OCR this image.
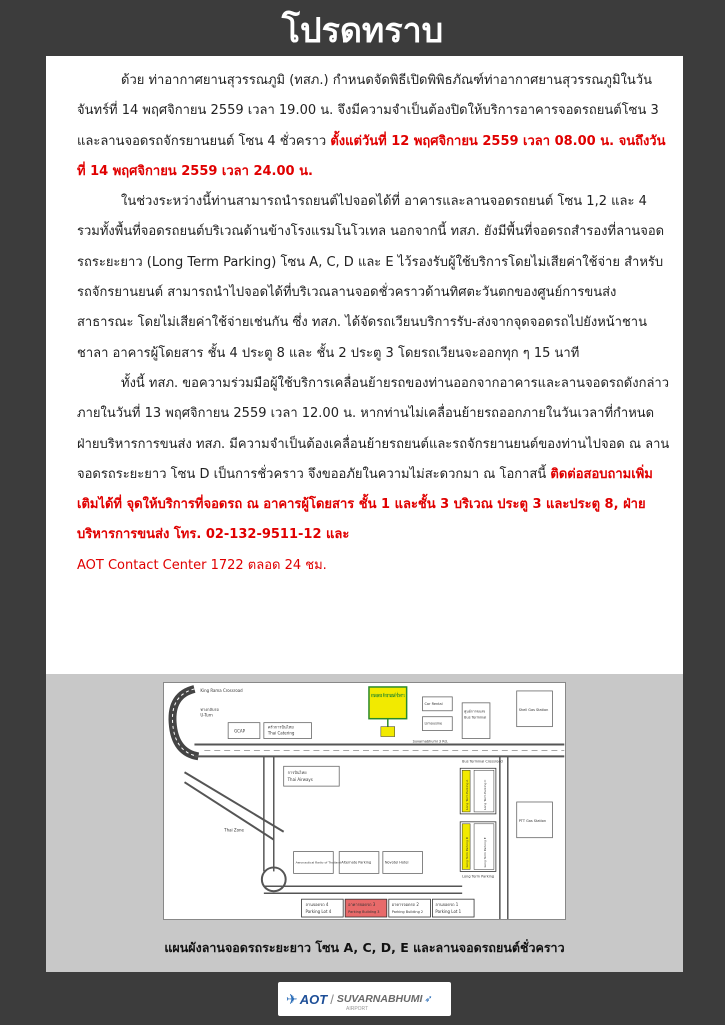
โปรดทราบ

ด้วย ท่าอากาศยานสุวรรณภูมิ (ทสภ.) กำหนดจัดพิธีเปิดพิพิธภัณฑ์ท่าอากาศยานสุวรรณภูมิในวันจันทร์ที่ 14 พฤศจิกายน 2559 เวลา 19.00 น. จึงมีความจำเป็นต้องปิดให้บริการอาคารจอดรถยนต์โซน 3 และลานจอดรถจักรยานยนต์ โซน 4 ชั่วคราว ตั้งแต่วันที่ 12 พฤศจิกายน 2559 เวลา 08.00 น. จนถึงวันที่ 14 พฤศจิกายน 2559 เวลา 24.00 น.

ในช่วงระหว่างนี้ท่านสามารถนำรถยนต์ไปจอดได้ที่ อาคารและลานจอดรถยนต์ โซน 1,2 และ 4 รวมทั้งพื้นที่จอดรถยนต์บริเวณด้านข้างโรงแรมโนโวเทล นอกจากนี้ ทสภ. ยังมีพื้นที่จอดรถสำรองที่ลานจอดรถระยะยาว (Long Term Parking) โซน A, C, D และ E ไว้รองรับผู้ใช้บริการโดยไม่เสียค่าใช้จ่าย สำหรับรถจักรยานยนต์ สามารถนำไปจอดได้ที่บริเวณลานจอดชั่วคราวด้านทิศตะวันตกของศูนย์การขนส่งสาธารณะ โดยไม่เสียค่าใช้จ่ายเช่นกัน ซึ่ง ทสภ. ได้จัดรถเวียนบริการรับ-ส่งจากจุดจอดรถไปยังหน้าชานชาลา อาคารผู้โดยสาร ชั้น 4 ประตู 8 และ ชั้น 2 ประตู 3 โดยรถเวียนจะออกทุก ๆ 15 นาที

ทั้งนี้ ทสภ. ขอความร่วมมือผู้ใช้บริการเคลื่อนย้ายรถของท่านออกจากอาคารและลานจอดรถดังกล่าว ภายในวันที่ 13 พฤศจิกายน 2559 เวลา 12.00 น. หากท่านไม่เคลื่อนย้ายรถออกภายในวันเวลาที่กำหนด ฝ่ายบริหารการขนส่ง ทสภ. มีความจำเป็นต้องเคลื่อนย้ายรถยนต์และรถจักรยานยนต์ของท่านไปจอด ณ ลานจอดรถระยะยาว โซน D เป็นการชั่วคราว จึงขออภัยในความไม่สะดวกมา ณ โอกาสนี้ ติดต่อสอบถามเพิ่มเติมได้ที่ จุดให้บริการที่จอดรถ ณ อาคารผู้โดยสาร ชั้น 1 และชั้น 3 บริเวณ ประตู 3 และประตู 8, ฝ่ายบริหารการขนส่ง โทร. 02-132-9511-12 และ
AOT Contact Center 1722 ตลอด 24 ชม.

King Rama Crossroad
ทางกลับรถ
U-Turn
GCAP
ครัวการบินไทย
Thai Catering
Car Rental
Limousine
ศูนย์การขนส่ง
Bus Terminal
Shell Gas Station
Suvarnabhumi 3 Rd.
Bus Terminal Crossroad
การบินไทย
Thai Airways
PTT Gas Station
Thai Zone
Aeronautical Radio of Thailand Alternate Parking	Novotel Hotel
Long Term Parking
ลานจอดรถ 4
Parking Lot 4
อาคารจอดรถ 3
Parking Building 3
อาคารจอดรถ 2
Parking Building 2
ลานจอดรถ 1
Parking Lot 1
Long Term Parking A	Long Term Parking C
Long Term Parking D	Long Term Parking E
แผนผังลานจอดรถระยะยาว โซน A, C, D, E และลานจอดรถยนต์ชั่วคราว
✈ AOT / SUVARNABHUMI ➶
AIRPORT
